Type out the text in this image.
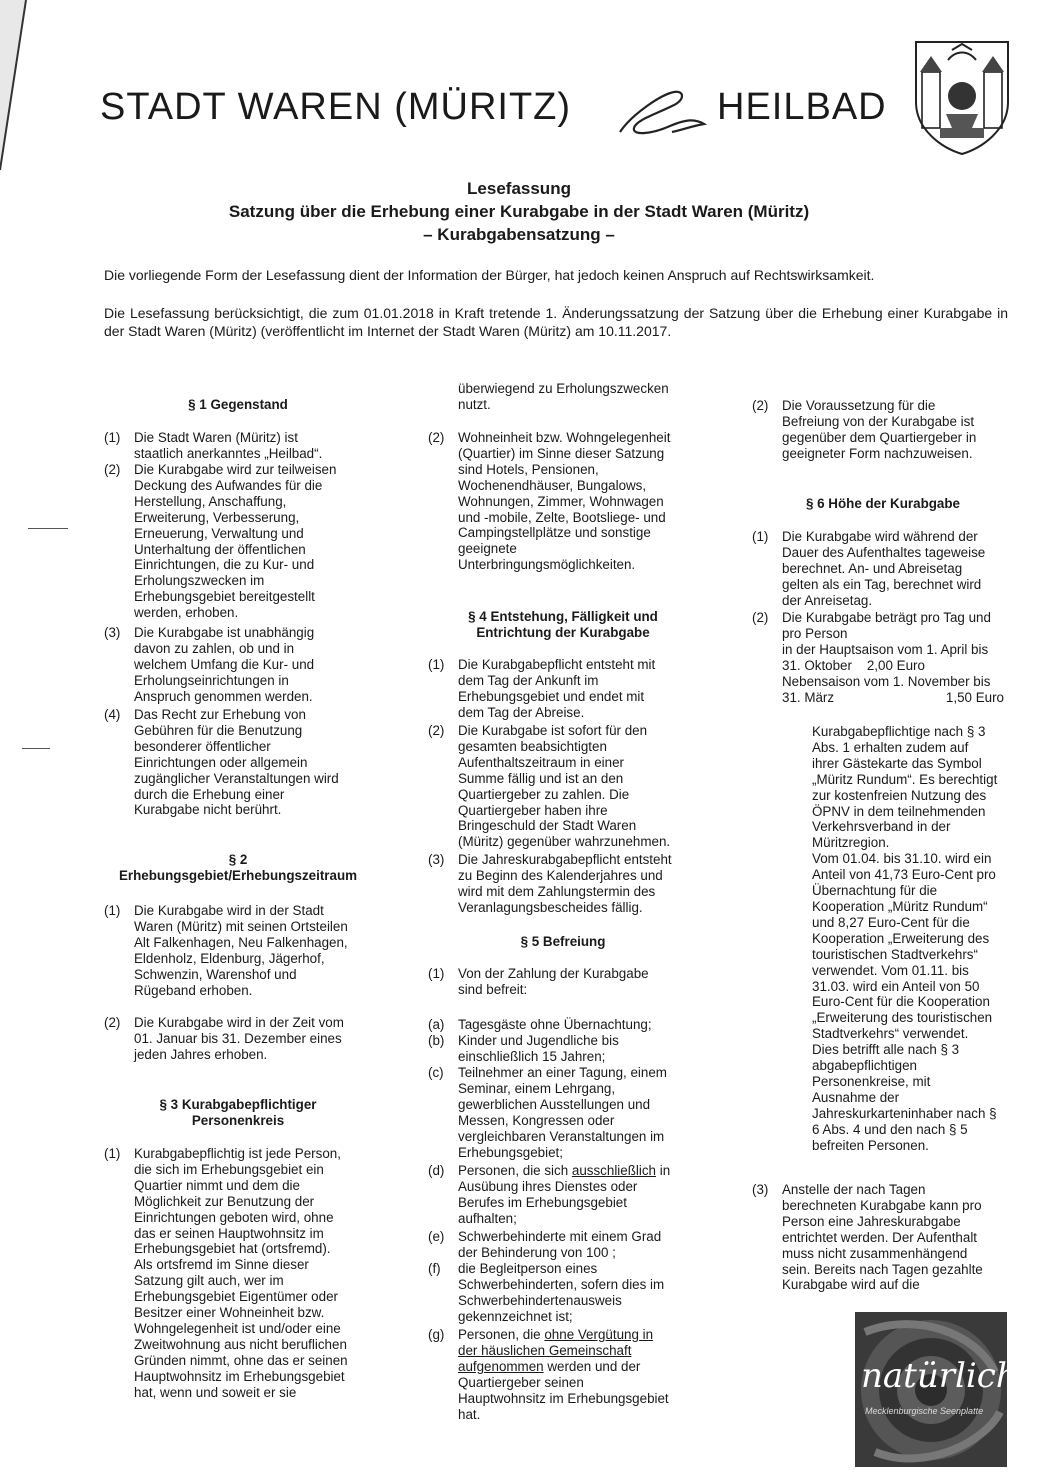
STADT WAREN (MÜRITZ)	HEILBAD
Lesefassung
Satzung über die Erhebung einer Kurabgabe in der Stadt Waren (Müritz)
– Kurabgabensatzung –
Die vorliegende Form der Lesefassung dient der Information der Bürger, hat jedoch keinen Anspruch auf Rechtswirksamkeit.
Die Lesefassung berücksichtigt, die zum 01.01.2018 in Kraft tretende 1. Änderungssatzung der Satzung über die Erhebung einer Kurabgabe in der Stadt Waren (Müritz) (veröffentlicht im Internet der Stadt Waren (Müritz) am 10.11.2017.
§ 1 Gegenstand
(1) Die Stadt Waren (Müritz) ist
staatlich anerkanntes „Heilbad“.
(2) Die Kurabgabe wird zur teilweisen
Deckung des Aufwandes für die
Herstellung, Anschaffung,
Erweiterung, Verbesserung,
Erneuerung, Verwaltung und
Unterhaltung der öffentlichen
Einrichtungen, die zu Kur- und
Erholungszwecken im
Erhebungsgebiet bereitgestellt
werden, erhoben.
(3) Die Kurabgabe ist unabhängig
davon zu zahlen, ob und in
welchem Umfang die Kur- und
Erholungseinrichtungen in
Anspruch genommen werden.
(4) Das Recht zur Erhebung von
Gebühren für die Benutzung
besonderer öffentlicher
Einrichtungen oder allgemein
zugänglicher Veranstaltungen wird
durch die Erhebung einer
Kurabgabe nicht berührt.
§ 2
Erhebungsgebiet/Erhebungszeitraum
(1) Die Kurabgabe wird in der Stadt
Waren (Müritz) mit seinen Ortsteilen
Alt Falkenhagen, Neu Falkenhagen,
Eldenholz, Eldenburg, Jägerhof,
Schwenzin, Warenshof und
Rügeband erhoben.
(2) Die Kurabgabe wird in der Zeit vom
01. Januar bis 31. Dezember eines
jeden Jahres erhoben.
§ 3 Kurabgabepflichtiger
Personenkreis
(1) Kurabgabepflichtig ist jede Person,
die sich im Erhebungsgebiet ein
Quartier nimmt und dem die
Möglichkeit zur Benutzung der
Einrichtungen geboten wird, ohne
das er seinen Hauptwohnsitz im
Erhebungsgebiet hat (ortsfremd).
Als ortsfremd im Sinne dieser
Satzung gilt auch, wer im
Erhebungsgebiet Eigentümer oder
Besitzer einer Wohneinheit bzw.
Wohngelegenheit ist und/oder eine
Zweitwohnung aus nicht beruflichen
Gründen nimmt, ohne das er seinen
Hauptwohnsitz im Erhebungsgebiet
hat, wenn und soweit er sie
überwiegend zu Erholungszwecken
nutzt.
(2) Wohneinheit bzw. Wohngelegenheit
(Quartier) im Sinne dieser Satzung
sind Hotels, Pensionen,
Wochenendhäuser, Bungalows,
Wohnungen, Zimmer, Wohnwagen
und -mobile, Zelte, Bootsliege- und
Campingstellplätze und sonstige
geeignete
Unterbringungsmöglichkeiten.
§ 4 Entstehung, Fälligkeit und
Entrichtung der Kurabgabe
(1) Die Kurabgabepflicht entsteht mit
dem Tag der Ankunft im
Erhebungsgebiet und endet mit
dem Tag der Abreise.
(2) Die Kurabgabe ist sofort für den
gesamten beabsichtigten
Aufenthaltszeitraum in einer
Summe fällig und ist an den
Quartiergeber zu zahlen. Die
Quartiergeber haben ihre
Bringeschuld der Stadt Waren
(Müritz) gegenüber wahrzunehmen.
(3) Die Jahreskurabgabepflicht entsteht
zu Beginn des Kalenderjahres und
wird mit dem Zahlungstermin des
Veranlagungsbescheides fällig.
§ 5 Befreiung
(1) Von der Zahlung der Kurabgabe
sind befreit:
(a) Tagesgäste ohne Übernachtung;
(b) Kinder und Jugendliche bis
einschließlich 15 Jahren;
(c) Teilnehmer an einer Tagung, einem
Seminar, einem Lehrgang,
gewerblichen Ausstellungen und
Messen, Kongressen oder
vergleichbaren Veranstaltungen im
Erhebungsgebiet;
(d) Personen, die sich ausschließlich in
Ausübung ihres Dienstes oder
Berufes im Erhebungsgebiet
aufhalten;
(e) Schwerbehinderte mit einem Grad
der Behinderung von 100 ;
(f) die Begleitperson eines
Schwerbehinderten, sofern dies im
Schwerbehindertenausweis
gekennzeichnet ist;
(g) Personen, die ohne Vergütung in
der häuslichen Gemeinschaft
aufgenommen werden und der
Quartiergeber seinen
Hauptwohnsitz im Erhebungsgebiet
hat.
(2) Die Voraussetzung für die
Befreiung von der Kurabgabe ist
gegenüber dem Quartiergeber in
geeigneter Form nachzuweisen.
§ 6 Höhe der Kurabgabe
(1) Die Kurabgabe wird während der
Dauer des Aufenthaltes tageweise
berechnet. An- und Abreisetag
gelten als ein Tag, berechnet wird
der Anreisetag.
(2) Die Kurabgabe beträgt pro Tag und
pro Person
in der Hauptsaison vom 1. April bis
31. Oktober    2,00 Euro
Nebensaison vom 1. November bis
31. März	1,50 Euro
Kurabgabepflichtige nach § 3
Abs. 1 erhalten zudem auf
ihrer Gästekarte das Symbol
„Müritz Rundum“. Es berechtigt
zur kostenfreien Nutzung des
ÖPNV in dem teilnehmenden
Verkehrsverband in der
Müritzregion.
Vom 01.04. bis 31.10. wird ein
Anteil von 41,73 Euro-Cent pro
Übernachtung für die
Kooperation „Müritz Rundum“
und 8,27 Euro-Cent für die
Kooperation „Erweiterung des
touristischen Stadtverkehrs“
verwendet. Vom 01.11. bis
31.03. wird ein Anteil von 50
Euro-Cent für die Kooperation
„Erweiterung des touristischen
Stadtverkehrs“ verwendet.
Dies betrifft alle nach § 3
abgabepflichtigen
Personenkreise, mit
Ausnahme der
Jahreskurkarteninhaber nach §
6 Abs. 4 und den nach § 5
befreiten Personen.
(3) Anstelle der nach Tagen
berechneten Kurabgabe kann pro
Person eine Jahreskurabgabe
entrichtet werden. Der Aufenthalt
muss nicht zusammenhängend
sein. Bereits nach Tagen gezahlte
Kurabgabe wird auf die
natürlich!
Mecklenburgische Seenplatte
